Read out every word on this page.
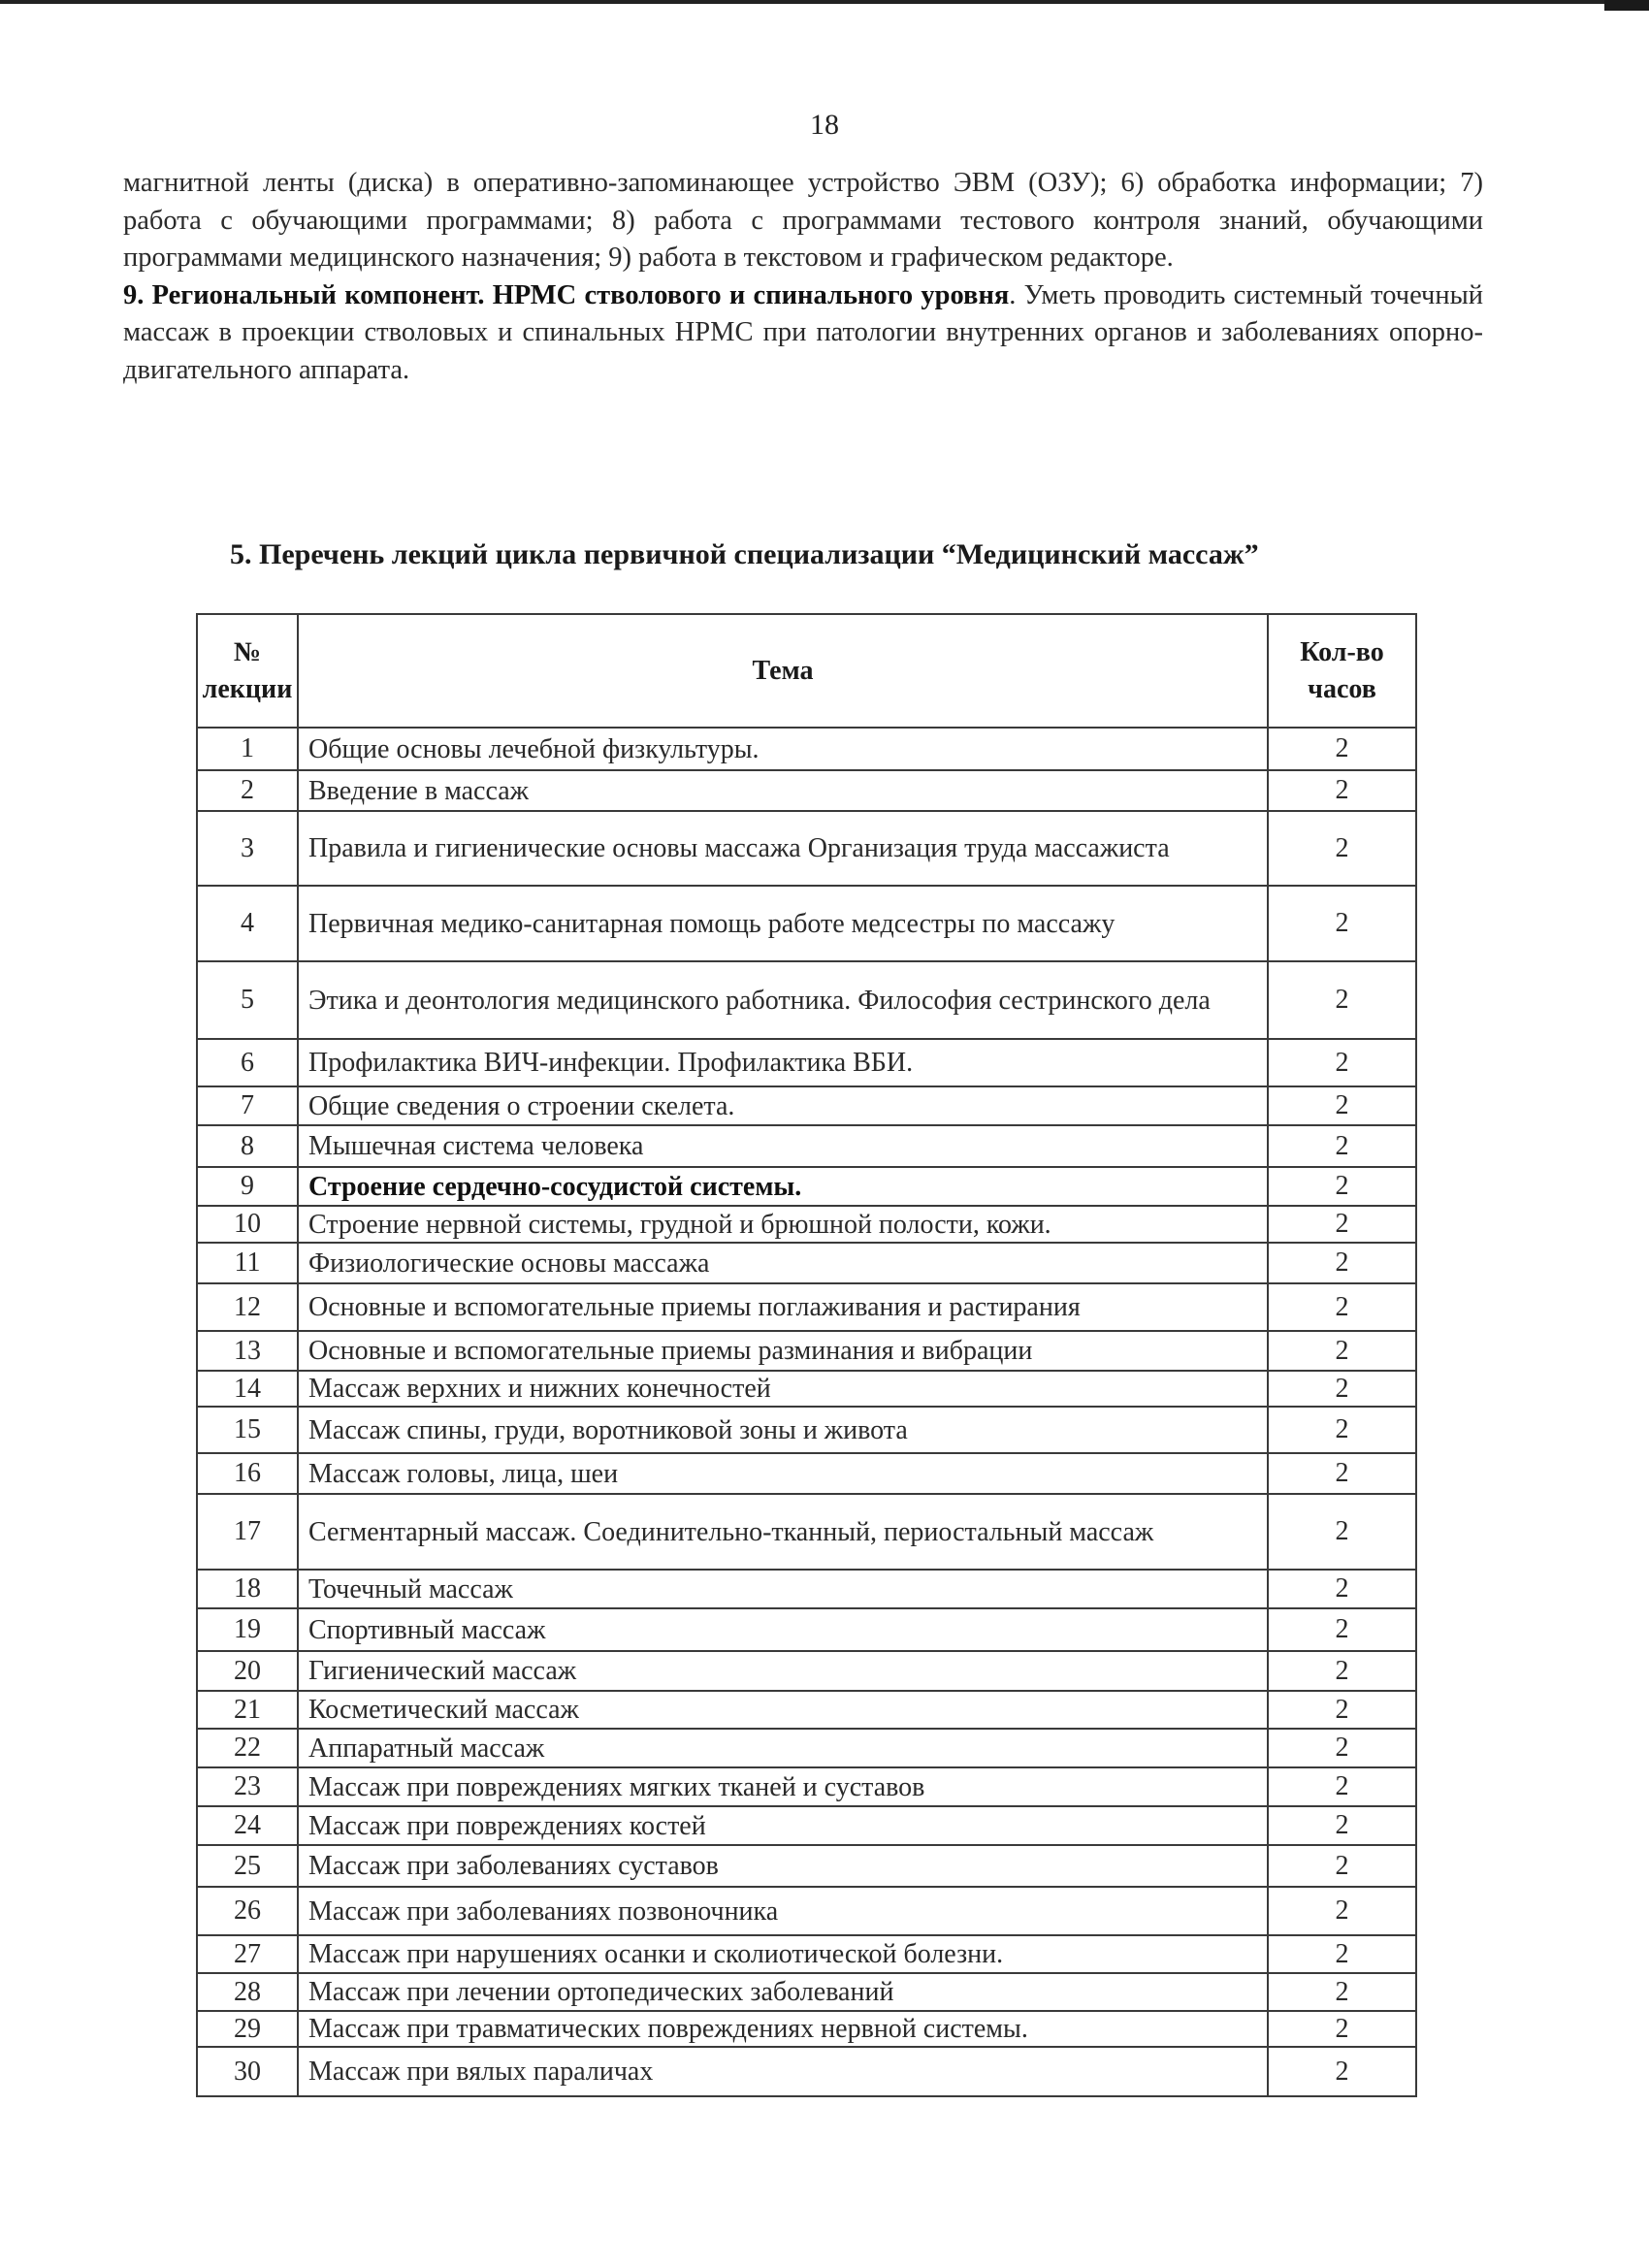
18

магнитной ленты (диска) в оперативно-запоминающее устройство ЭВМ (ОЗУ); 6) обработка информации; 7) работа с обучающими программами; 8) работа с программами тестового контроля знаний, обучающими программами медицинского назначения; 9) работа в текстовом и графическом редакторе.

9. Региональный компонент. НРМС стволового и спинального уровня. Уметь проводить системный точечный массаж в проекции стволовых и спинальных НРМС при патологии внутренних органов и заболеваниях опорно-двигательного аппарата.

5. Перечень лекций цикла первичной специализации “Медицинский массаж”
№ лекции	Тема	Кол-во часов
1	Общие основы лечебной физкультуры.	2
2	Введение в массаж	2
3	Правила и гигиенические основы массажа Организация труда массажиста	2
4	Первичная медико-санитарная помощь работе медсестры по массажу	2
5	Этика и деонтология медицинского работника. Философия сестринского дела	2
6	Профилактика ВИЧ-инфекции. Профилактика ВБИ.	2
7	Общие сведения о строении скелета.	2
8	Мышечная система человека	2
9	Строение сердечно-сосудистой системы.	2
10	Строение нервной системы, грудной и брюшной полости, кожи.	2
11	Физиологические основы массажа	2
12	Основные и вспомогательные приемы поглаживания и растирания	2
13	Основные и вспомогательные приемы разминания и вибрации	2
14	Массаж верхних и нижних конечностей	2
15	Массаж спины, груди, воротниковой зоны и живота	2
16	Массаж головы, лица, шеи	2
17	Сегментарный массаж. Соединительно-тканный, периостальный массаж	2
18	Точечный массаж	2
19	Спортивный массаж	2
20	Гигиенический массаж	2
21	Косметический массаж	2
22	Аппаратный массаж	2
23	Массаж при повреждениях мягких тканей и суставов	2
24	Массаж при повреждениях костей	2
25	Массаж при заболеваниях суставов	2
26	Массаж при заболеваниях позвоночника	2
27	Массаж при нарушениях осанки и сколиотической болезни.	2
28	Массаж при лечении ортопедических заболеваний	2
29	Массаж при травматических повреждениях нервной системы.	2
30	Массаж при вялых параличах	2
